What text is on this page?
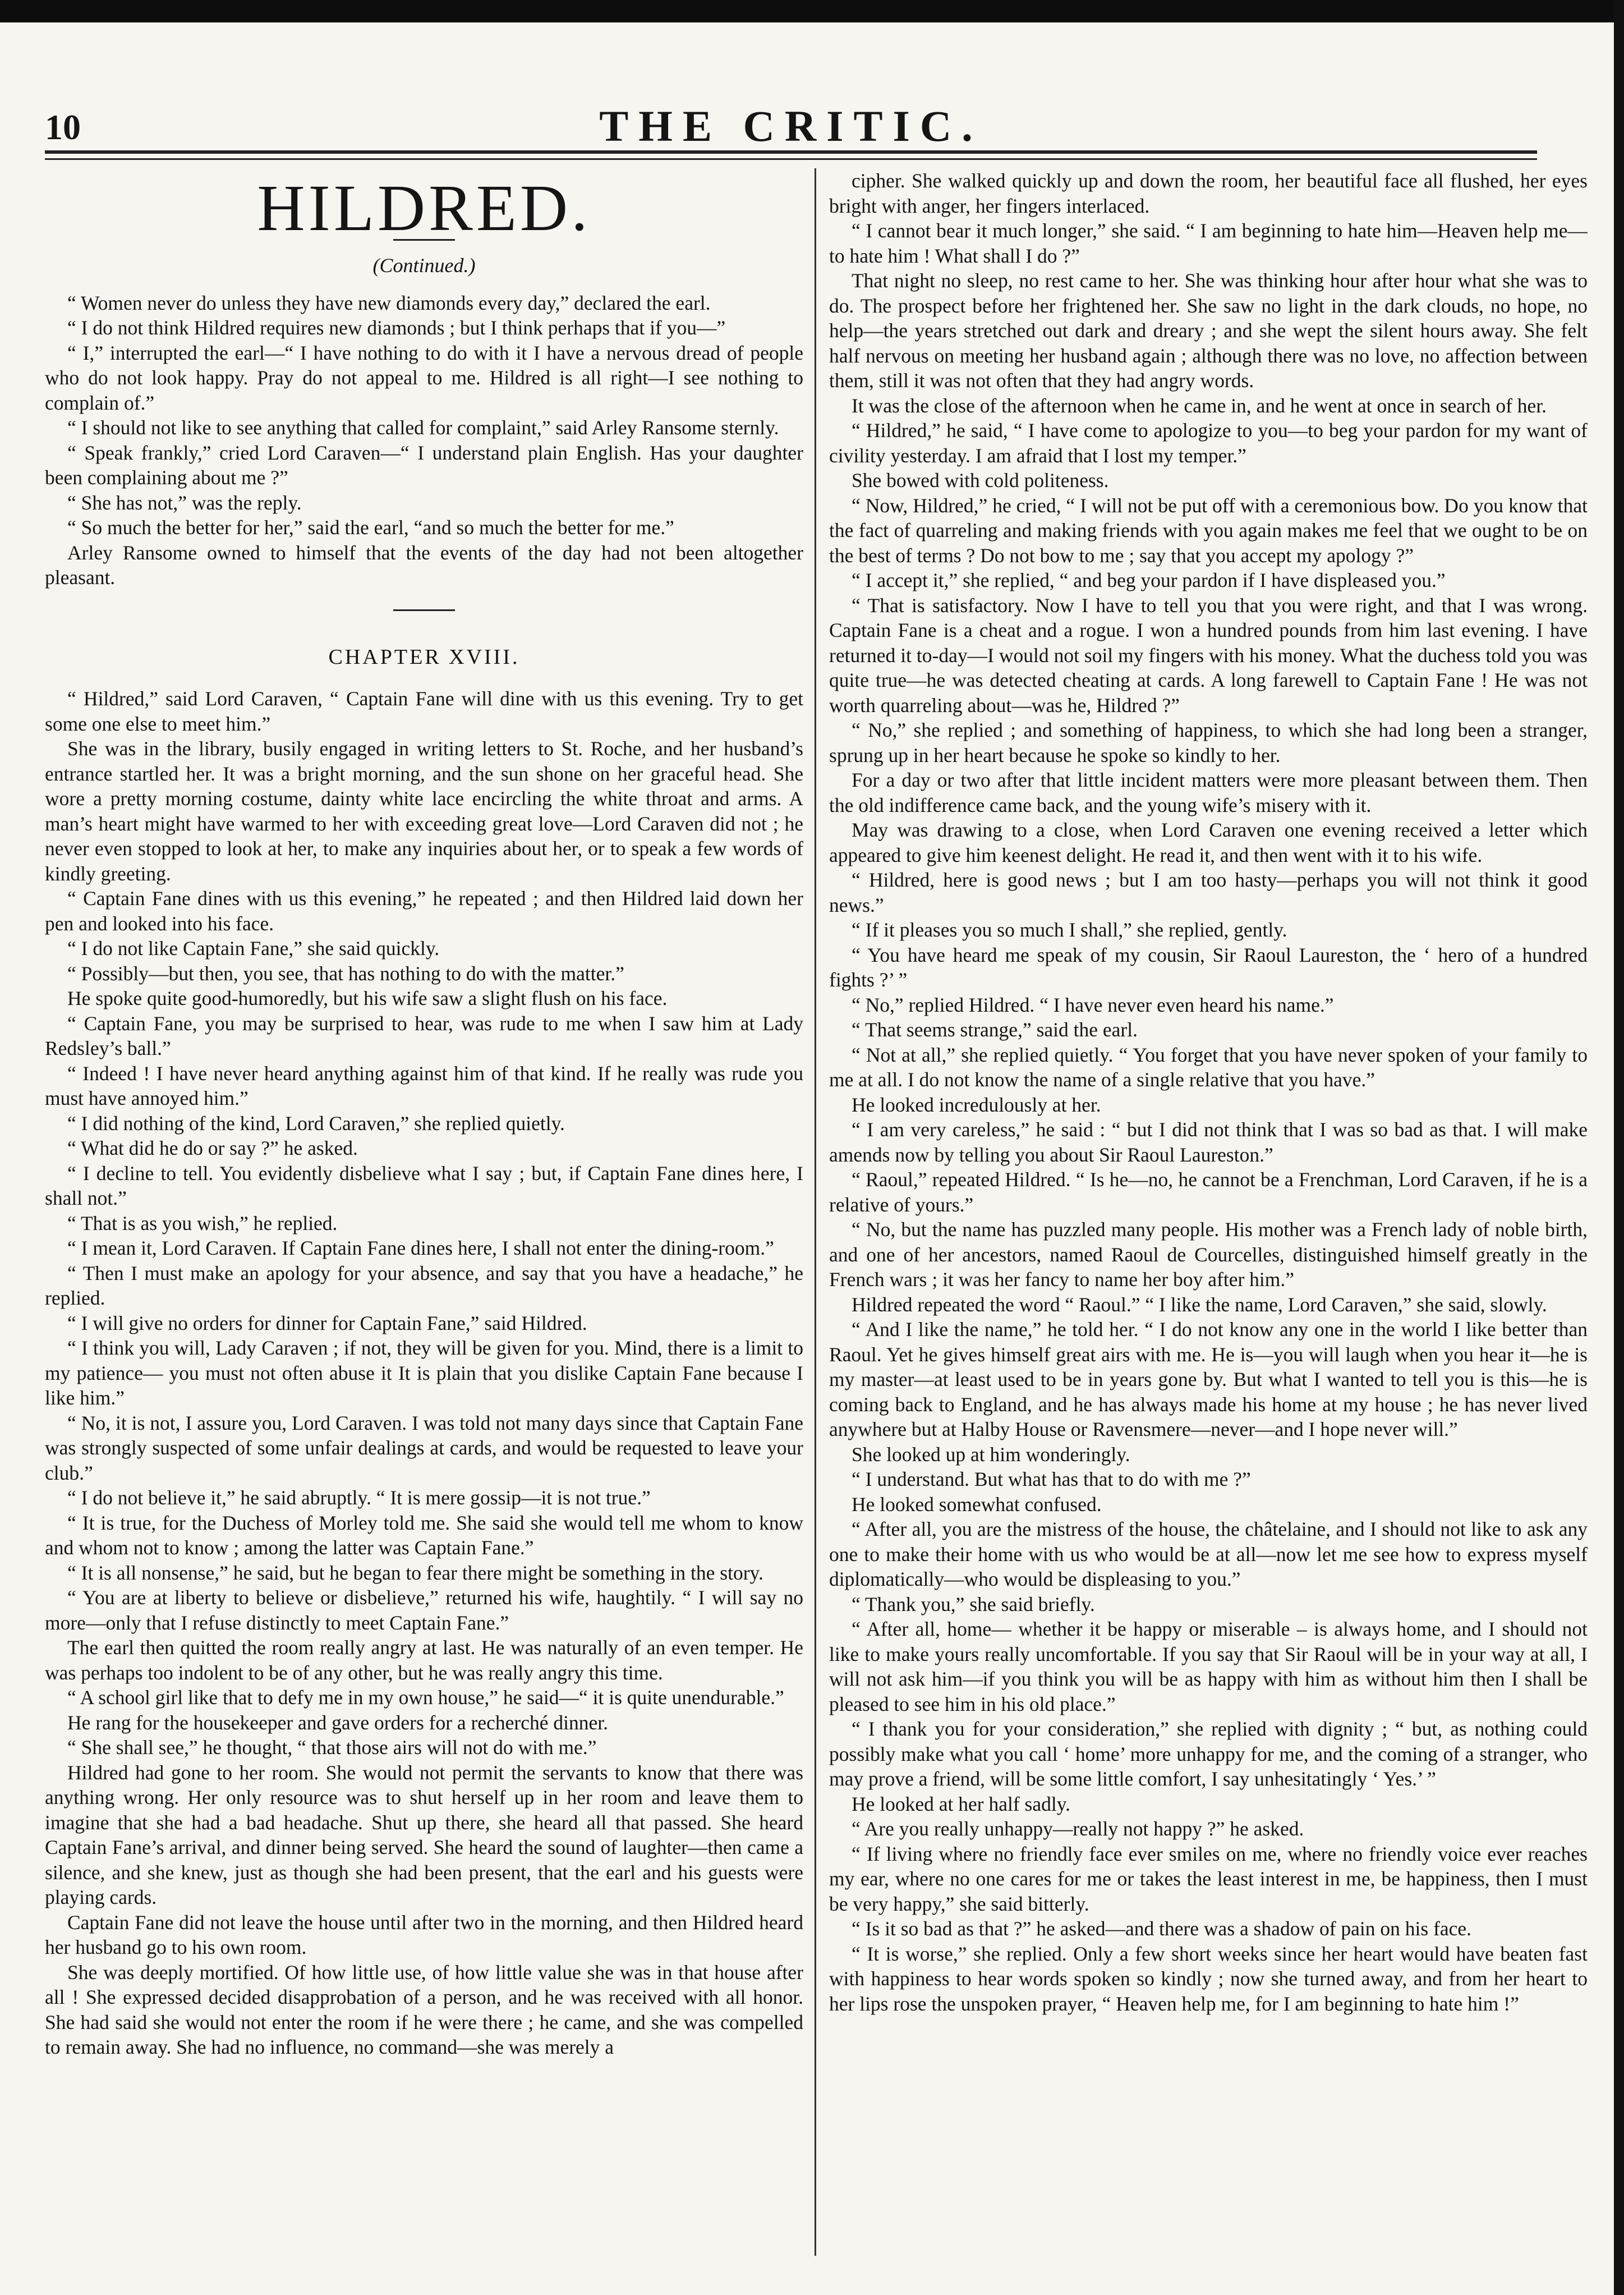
10	THE CRITIC.
HILDRED.
(Continued.)

“ Women never do unless they have new diamonds every day,” declared the earl.

“ I do not think Hildred requires new diamonds ; but I think perhaps that if you—”

“ I,” interrupted the earl—“ I have nothing to do with it I have a nervous dread of people who do not look happy. Pray do not appeal to me. Hildred is all right—I see nothing to complain of.”

“ I should not like to see anything that called for complaint,” said Arley Ransome sternly.

“ Speak frankly,” cried Lord Caraven—“ I understand plain English. Has your daughter been complaining about me ?”

“ She has not,” was the reply.

“ So much the better for her,” said the earl, “and so much the better for me.”

Arley Ransome owned to himself that the events of the day had not been altogether pleasant.

CHAPTER XVIII.

“ Hildred,” said Lord Caraven, “ Captain Fane will dine with us this evening. Try to get some one else to meet him.”

She was in the library, busily engaged in writing letters to St. Roche, and her husband’s entrance startled her. It was a bright morning, and the sun shone on her graceful head. She wore a pretty morning costume, dainty white lace encircling the white throat and arms. A man’s heart might have warmed to her with exceeding great love—Lord Caraven did not ; he never even stopped to look at her, to make any inquiries about her, or to speak a few words of kindly greeting.

“ Captain Fane dines with us this evening,” he repeated ; and then Hildred laid down her pen and looked into his face.

“ I do not like Captain Fane,” she said quickly.

“ Possibly—but then, you see, that has nothing to do with the matter.”

He spoke quite good-humoredly, but his wife saw a slight flush on his face.

“ Captain Fane, you may be surprised to hear, was rude to me when I saw him at Lady Redsley’s ball.”

“ Indeed ! I have never heard anything against him of that kind. If he really was rude you must have annoyed him.”

“ I did nothing of the kind, Lord Caraven,” she replied quietly.

“ What did he do or say ?” he asked.

“ I decline to tell. You evidently disbelieve what I say ; but, if Captain Fane dines here, I shall not.”

“ That is as you wish,” he replied.

“ I mean it, Lord Caraven. If Captain Fane dines here, I shall not enter the dining-room.”

“ Then I must make an apology for your absence, and say that you have a headache,” he replied.

“ I will give no orders for dinner for Captain Fane,” said Hildred.

“ I think you will, Lady Caraven ; if not, they will be given for you. Mind, there is a limit to my patience— you must not often abuse it It is plain that you dislike Captain Fane because I like him.”

“ No, it is not, I assure you, Lord Caraven. I was told not many days since that Captain Fane was strongly suspected of some unfair dealings at cards, and would be requested to leave your club.”

“ I do not believe it,” he said abruptly. “ It is mere gossip—it is not true.”

“ It is true, for the Duchess of Morley told me. She said she would tell me whom to know and whom not to know ; among the latter was Captain Fane.”

“ It is all nonsense,” he said, but he began to fear there might be something in the story.

“ You are at liberty to believe or disbelieve,” returned his wife, haughtily. “ I will say no more—only that I refuse distinctly to meet Captain Fane.”

The earl then quitted the room really angry at last. He was naturally of an even temper. He was perhaps too indolent to be of any other, but he was really angry this time.

“ A school girl like that to defy me in my own house,” he said—“ it is quite unendurable.”

He rang for the housekeeper and gave orders for a recherché dinner.

“ She shall see,” he thought, “ that those airs will not do with me.”

Hildred had gone to her room. She would not permit the servants to know that there was anything wrong. Her only resource was to shut herself up in her room and leave them to imagine that she had a bad headache. Shut up there, she heard all that passed. She heard Captain Fane’s arrival, and dinner being served. She heard the sound of laughter—then came a silence, and she knew, just as though she had been present, that the earl and his guests were playing cards.

Captain Fane did not leave the house until after two in the morning, and then Hildred heard her husband go to his own room.

She was deeply mortified. Of how little use, of how little value she was in that house after all ! She expressed decided disapprobation of a person, and he was received with all honor. She had said she would not enter the room if he were there ; he came, and she was compelled to remain away. She had no influence, no command—she was merely a

cipher. She walked quickly up and down the room, her beautiful face all flushed, her eyes bright with anger, her fingers interlaced.

“ I cannot bear it much longer,” she said. “ I am beginning to hate him—Heaven help me—to hate him ! What shall I do ?”

That night no sleep, no rest came to her. She was thinking hour after hour what she was to do. The prospect before her frightened her. She saw no light in the dark clouds, no hope, no help—the years stretched out dark and dreary ; and she wept the silent hours away. She felt half nervous on meeting her husband again ; although there was no love, no affection between them, still it was not often that they had angry words.

It was the close of the afternoon when he came in, and he went at once in search of her.

“ Hildred,” he said, “ I have come to apologize to you—to beg your pardon for my want of civility yesterday. I am afraid that I lost my temper.”

She bowed with cold politeness.

“ Now, Hildred,” he cried, “ I will not be put off with a ceremonious bow. Do you know that the fact of quarreling and making friends with you again makes me feel that we ought to be on the best of terms ? Do not bow to me ; say that you accept my apology ?”

“ I accept it,” she replied, “ and beg your pardon if I have displeased you.”

“ That is satisfactory. Now I have to tell you that you were right, and that I was wrong. Captain Fane is a cheat and a rogue. I won a hundred pounds from him last evening. I have returned it to-day—I would not soil my fingers with his money. What the duchess told you was quite true—he was detected cheating at cards. A long farewell to Captain Fane ! He was not worth quarreling about—was he, Hildred ?”

“ No,” she replied ; and something of happiness, to which she had long been a stranger, sprung up in her heart because he spoke so kindly to her.

For a day or two after that little incident matters were more pleasant between them. Then the old indifference came back, and the young wife’s misery with it.

May was drawing to a close, when Lord Caraven one evening received a letter which appeared to give him keenest delight. He read it, and then went with it to his wife.

“ Hildred, here is good news ; but I am too hasty—perhaps you will not think it good news.”

“ If it pleases you so much I shall,” she replied, gently.

“ You have heard me speak of my cousin, Sir Raoul Laureston, the ‘ hero of a hundred fights ?’ ”

“ No,” replied Hildred. “ I have never even heard his name.”

“ That seems strange,” said the earl.

“ Not at all,” she replied quietly. “ You forget that you have never spoken of your family to me at all. I do not know the name of a single relative that you have.”

He looked incredulously at her.

“ I am very careless,” he said : “ but I did not think that I was so bad as that. I will make amends now by telling you about Sir Raoul Laureston.”

“ Raoul,” repeated Hildred. “ Is he—no, he cannot be a Frenchman, Lord Caraven, if he is a relative of yours.”

“ No, but the name has puzzled many people. His mother was a French lady of noble birth, and one of her ancestors, named Raoul de Courcelles, distinguished himself greatly in the French wars ; it was her fancy to name her boy after him.”

Hildred repeated the word “ Raoul.” “ I like the name, Lord Caraven,” she said, slowly.

“ And I like the name,” he told her. “ I do not know any one in the world I like better than Raoul. Yet he gives himself great airs with me. He is—you will laugh when you hear it—he is my master—at least used to be in years gone by. But what I wanted to tell you is this—he is coming back to England, and he has always made his home at my house ; he has never lived anywhere but at Halby House or Ravensmere—never—and I hope never will.”

She looked up at him wonderingly.

“ I understand. But what has that to do with me ?”

He looked somewhat confused.

“ After all, you are the mistress of the house, the châtelaine, and I should not like to ask any one to make their home with us who would be at all—now let me see how to express myself diplomatically—who would be displeasing to you.”

“ Thank you,” she said briefly.

“ After all, home— whether it be happy or miserable – is always home, and I should not like to make yours really uncomfortable. If you say that Sir Raoul will be in your way at all, I will not ask him—if you think you will be as happy with him as without him then I shall be pleased to see him in his old place.”

“ I thank you for your consideration,” she replied with dignity ; “ but, as nothing could possibly make what you call ‘ home’ more unhappy for me, and the coming of a stranger, who may prove a friend, will be some little comfort, I say unhesitatingly ‘ Yes.’ ”

He looked at her half sadly.

“ Are you really unhappy—really not happy ?” he asked.

“ If living where no friendly face ever smiles on me, where no friendly voice ever reaches my ear, where no one cares for me or takes the least interest in me, be happiness, then I must be very happy,” she said bitterly.

“ Is it so bad as that ?” he asked—and there was a shadow of pain on his face.

“ It is worse,” she replied. Only a few short weeks since her heart would have beaten fast with happiness to hear words spoken so kindly ; now she turned away, and from her heart to her lips rose the unspoken prayer, “ Heaven help me, for I am beginning to hate him !”
